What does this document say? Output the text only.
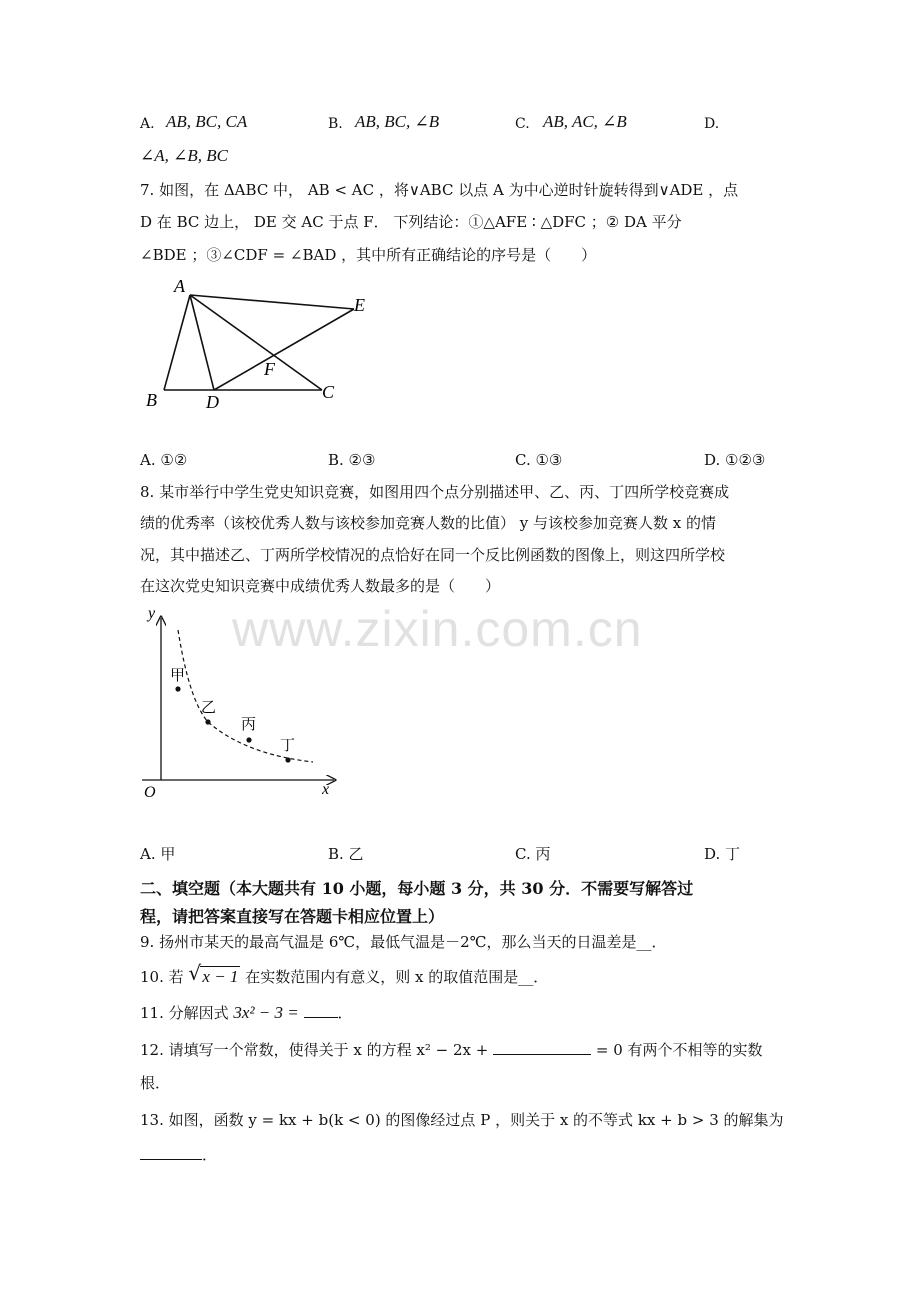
www.zixin.com.cn
A. AB, BC, CA	B. AB, BC, ∠B	C. AB, AC, ∠B	D.
∠A, ∠B, BC
7. 如图，在 ΔABC 中， AB < AC ，将∨ABC 以点 A 为中心逆时针旋转得到∨ADE ，点
D 在 BC 边上， DE 交 AC 于点 F． 下列结论：①△AFE ∶ △DFC ；② DA 平分
∠BDE ；③∠CDF = ∠BAD ，其中所有正确结论的序号是（　　）
A
B	D	C
E
F
A. ①②	B. ②③	C. ①③	D. ①②③
8. 某市举行中学生党史知识竞赛，如图用四个点分别描述甲、乙、丙、丁四所学校竞赛成
绩的优秀率（该校优秀人数与该校参加竞赛人数的比值） y 与该校参加竞赛人数 x 的情
况，其中描述乙、丁两所学校情况的点恰好在同一个反比例函数的图像上，则这四所学校
在这次党史知识竞赛中成绩优秀人数最多的是（　　）
y
x
O
甲
乙
丙
丁
A. 甲	B. 乙	C. 丙	D. 丁
二、填空题（本大题共有 10 小题，每小题 3 分，共 30 分．不需要写解答过
程，请把答案直接写在答题卡相应位置上）
9. 扬州市某天的最高气温是 6℃，最低气温是－2℃，那么当天的日温差是__．
10. 若 √ x − 1 在实数范围内有意义，则 x 的取值范围是__．
11. 分解因式 3x² − 3 =	．
12. 请填写一个常数，使得关于 x 的方程 x² − 2x +	= 0 有两个不相等的实数
根．
13. 如图，函数 y = kx + b(k < 0) 的图像经过点 P ，则关于 x 的不等式 kx + b > 3 的解集为
．
